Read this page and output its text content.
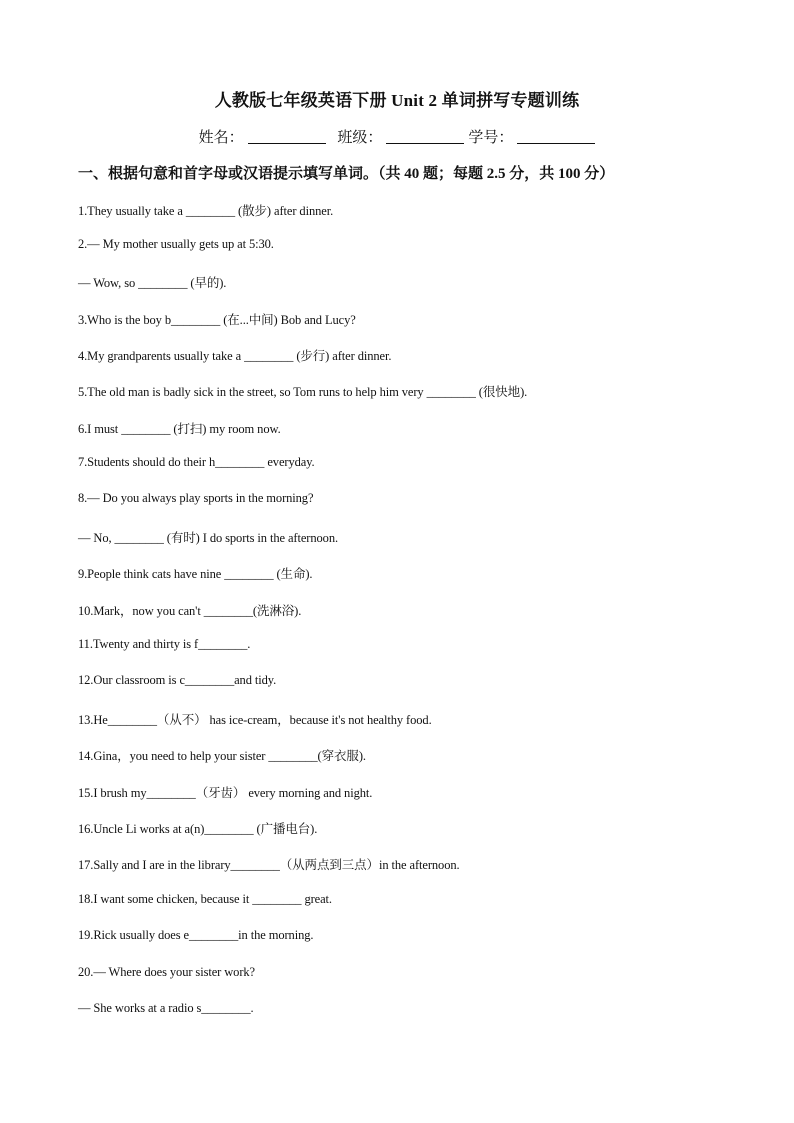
人教版七年级英语下册 Unit 2 单词拼写专题训练
姓名：	班级：	学号：
一、根据句意和首字母或汉语提示填写单词。（共 40 题；每题 2.5 分，共 100 分）
1.They usually take a ________ (散步) after dinner.
2.— My mother usually gets up at 5:30.
— Wow, so ________ (早的).
3.Who is the boy b________ (在...中间) Bob and Lucy?
4.My grandparents usually take a ________ (步行) after dinner.
5.The old man is badly sick in the street, so Tom runs to help him very ________ (很快地).
6.I must ________ (打扫) my room now.
7.Students should do their h________ everyday.
8.— Do you always play sports in the morning?
— No, ________ (有时) I do sports in the afternoon.
9.People think cats have nine ________ (生命).
10.Mark，now you can't ________(洗淋浴).
11.Twenty and thirty is f________.
12.Our classroom is c________and tidy.
13.He________（从不） has ice-cream，because it's not healthy food.
14.Gina，you need to help your sister ________(穿衣服).
15.I brush my________（牙齿） every morning and night.
16.Uncle Li works at a(n)________ (广播电台).
17.Sally and I are in the library________（从两点到三点）in the afternoon.
18.I want some chicken, because it ________ great.
19.Rick usually does e________in the morning.
20.— Where does your sister work?
— She works at a radio s________.
